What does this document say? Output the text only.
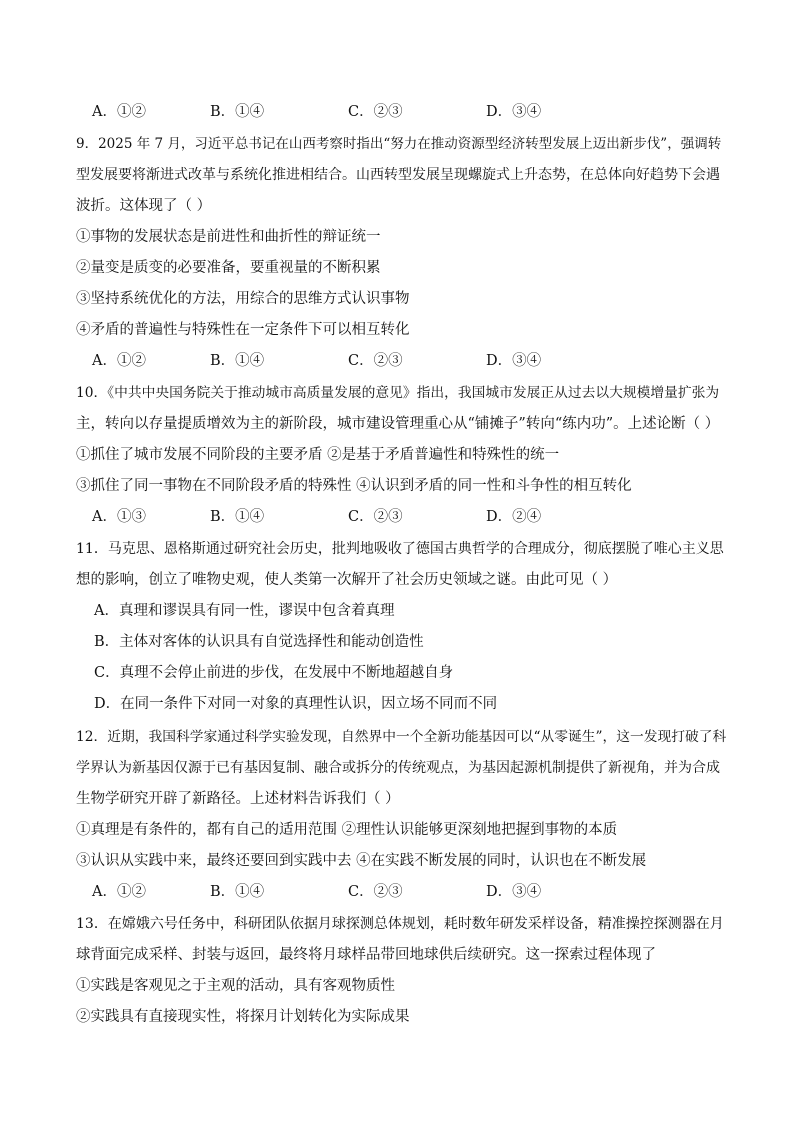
A．①②	B．①④	C．②③	D．③④
9．2025 年 7 月，习近平总书记在山西考察时指出“努力在推动资源型经济转型发展上迈出新步伐”，强调转
型发展要将渐进式改革与系统化推进相结合。山西转型发展呈现螺旋式上升态势，在总体向好趋势下会遇
波折。这体现了（ ）
①事物的发展状态是前进性和曲折性的辩证统一
②量变是质变的必要准备，要重视量的不断积累
③坚持系统优化的方法，用综合的思维方式认识事物
④矛盾的普遍性与特殊性在一定条件下可以相互转化
A．①②	B．①④	C．②③	D．③④
10．《中共中央国务院关于推动城市高质量发展的意见》指出，我国城市发展正从过去以大规模增量扩张为
主，转向以存量提质增效为主的新阶段，城市建设管理重心从“铺摊子”转向“练内功”。上述论断（ ）
①抓住了城市发展不同阶段的主要矛盾 ②是基于矛盾普遍性和特殊性的统一
③抓住了同一事物在不同阶段矛盾的特殊性 ④认识到矛盾的同一性和斗争性的相互转化
A．①③	B．①④	C．②③	D．②④
11．马克思、恩格斯通过研究社会历史，批判地吸收了德国古典哲学的合理成分，彻底摆脱了唯心主义思
想的影响，创立了唯物史观，使人类第一次解开了社会历史领域之谜。由此可见（ ）
A．真理和谬误具有同一性，谬误中包含着真理
B．主体对客体的认识具有自觉选择性和能动创造性
C．真理不会停止前进的步伐，在发展中不断地超越自身
D．在同一条件下对同一对象的真理性认识，因立场不同而不同
12．近期，我国科学家通过科学实验发现，自然界中一个全新功能基因可以“从零诞生”，这一发现打破了科
学界认为新基因仅源于已有基因复制、融合或拆分的传统观点，为基因起源机制提供了新视角，并为合成
生物学研究开辟了新路径。上述材料告诉我们（ ）
①真理是有条件的，都有自己的适用范围 ②理性认识能够更深刻地把握到事物的本质
③认识从实践中来，最终还要回到实践中去 ④在实践不断发展的同时，认识也在不断发展
A．①②	B．①④	C．②③	D．③④
13．在嫦娥六号任务中，科研团队依据月球探测总体规划，耗时数年研发采样设备，精准操控探测器在月
球背面完成采样、封装与返回，最终将月球样品带回地球供后续研究。这一探索过程体现了
①实践是客观见之于主观的活动，具有客观物质性
②实践具有直接现实性，将探月计划转化为实际成果
